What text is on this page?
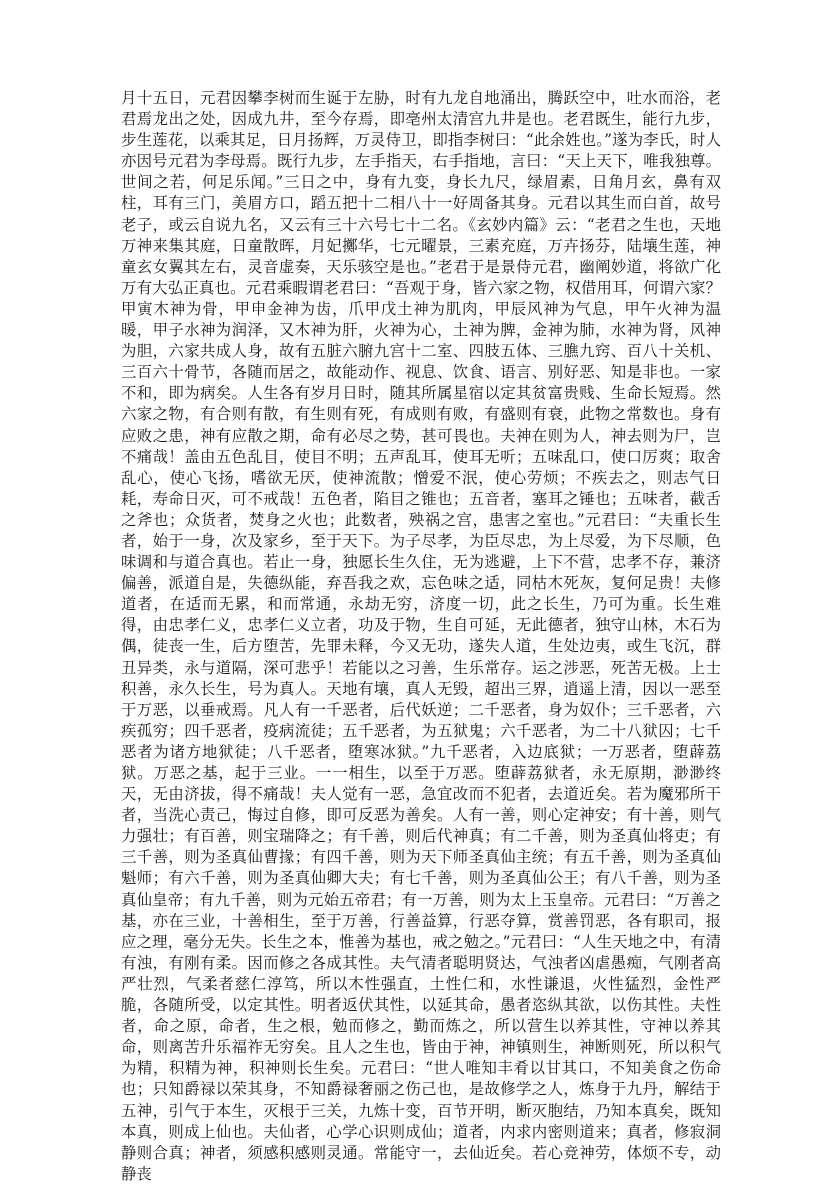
月十五日，元君因攀李树而生诞于左胁，时有九龙自地涌出，腾跃空中，吐水而浴，老君焉龙出之处，因成九井，至今存焉，即亳州太清宫九井是也。老君既生，能行九步，步生莲花，以乘其足，日月扬辉，万灵侍卫，即指李树曰：“此余姓也。”遂为李氏，时人亦因号元君为李母焉。既行九步，左手指天，右手指地，言曰：“天上天下，唯我独尊。世间之若，何足乐闻。”三日之中，身有九变，身长九尺，绿眉素，日角月玄，鼻有双柱，耳有三门，美眉方口，蹈五把十二相八十一好周备其身。元君以其生而白首，故号老子，或云自说九名，又云有三十六号七十二名。《玄妙内篇》云：“老君之生也，天地万神来集其庭，日童散晖，月妃擲华，七元曜景，三素充庭，万卉扬芬，陆壤生莲，神童玄女翼其左右，灵音虚奏，天乐骇空是也。”老君于是景侍元君，幽阐妙道，将欲广化万有大弘正真也。元君乘暇谓老君曰：“吾观于身，皆六家之物，权借用耳，何谓六家？甲寅木神为骨，甲申金神为齿，爪甲戊土神为肌肉，甲辰风神为气息，甲午火神为温暖，甲子水神为润泽，又木神为肝，火神为心，土神为脾，金神为肺，水神为肾，风神为胆，六家共成人身，故有五脏六腑九宫十二室、四肢五体、三膲九窍、百八十关机、三百六十骨节，各随而居之，故能动作、视息、饮食、语言、别好恶、知是非也。一家不和，即为病矣。人生各有岁月日时，随其所属星宿以定其贫富贵贱、生命长短焉。然六家之物，有合则有散，有生则有死，有成则有败，有盛则有衰，此物之常数也。身有应败之患，神有应散之期，命有必尽之势，甚可畏也。夫神在则为人，神去则为尸，岂不痛哉！盖由五色乱目，使目不明；五声乱耳，使耳无听；五味乱口，使口厉爽；取舍乱心，使心飞扬，嗜欲无厌，使神流散；憎爱不泯，使心劳烦；不疾去之，则志气日耗，寿命日灭，可不戒哉！五色者，陷目之锥也；五音者，塞耳之锤也；五味者，截舌之斧也；众货者，焚身之火也；此数者，殃祸之宫，患害之室也。”元君曰：“夫重长生者，始于一身，次及家乡，至于天下。为子尽孝，为臣尽忠，为上尽爱，为下尽顺，色味调和与道合真也。若止一身，独愿长生久住，无为逃避，上下不营，忠孝不存，兼济偏善，派道自是，失德纵能，弃吾我之欢，忘色味之适，同枯木死灰，复何足贵！夫修道者，在适而无累，和而常通，永劫无穷，济度一切，此之长生，乃可为重。长生难得，由忠孝仁义，忠孝仁义立者，功及于物，生自可延，无此德者，独守山林，木石为偶，徒丧一生，后方堕苦，先罪未释，今又无功，遂失人道，生处边夷，或生飞沉，群丑异类，永与道隔，深可悲乎！若能以之习善，生乐常存。运之涉恶，死苦无极。上士积善，永久长生，号为真人。天地有壤，真人无毁，超出三界，逍遥上清，因以一恶至于万恶，以垂戒焉。凡人有一千恶者，后代妖逆；二千恶者，身为奴仆；三千恶者，六疾孤穷；四千恶者，疫病流徒；五千恶者，为五狱鬼；六千恶者，为二十八狱囚；七千恶者为诸方地狱徒；八千恶者，堕寒冰狱。”九千恶者，入边底狱；一万恶者，堕薜荔狱。万恶之基，起于三业。一一相生，以至于万恶。堕薜荔狱者，永无原期，渺渺终天，无由济拔，得不痛哉！夫人觉有一恶，急宜改而不犯者，去道近矣。若为魔邪所干者，当洗心责己，悔过自修，即可反恶为善矣。人有一善，则心定神安；有十善，则气力强壮；有百善，则宝瑞降之；有千善，则后代神真；有二千善，则为圣真仙将吏；有三千善，则为圣真仙曹掾；有四千善，则为天下师圣真仙主统；有五千善，则为圣真仙魁师；有六千善，则为圣真仙卿大夫；有七千善，则为圣真仙公王；有八千善，则为圣真仙皇帝；有九千善，则为元始五帝君；有一万善，则为太上玉皇帝。元君曰：“万善之基，亦在三业，十善相生，至于万善，行善益算，行恶夺算，赏善罚恶，各有职司，报应之理，毫分无失。长生之本，惟善为基也，戒之勉之。”元君曰：“人生天地之中，有清有浊，有刚有柔。因而修之各成其性。夫气清者聪明贤达，气浊者凶虐愚痴，气刚者高严壮烈，气柔者慈仁淳笃，所以木性强直，土性仁和，水性谦退，火性猛烈，金性严脆，各随所受，以定其性。明者返伏其性，以延其命，愚者恣纵其欲，以伤其性。夫性者，命之原，命者，生之根，勉而修之，勤而炼之，所以营生以养其性，守神以养其命，则离苦升乐福祚无穷矣。且人之生也，皆由于神，神镇则生，神断则死，所以积气为精，积精为神，积神则长生矣。元君曰：“世人唯知丰肴以甘其口，不知美食之伤命也；只知爵禄以荣其身，不知爵禄奢丽之伤己也，是故修学之人，炼身于九丹，解结于五神，引气于本生，灭根于三关，九炼十变，百节开明，断灭胞结，乃知本真矣，既知本真，则成上仙也。夫仙者，心学心识则成仙；道者，内求内密则道来；真者，修寂洞静则合真；神者，须感积感则灵通。常能守一，去仙近矣。若心竞神劳，体烦不专，动静丧
